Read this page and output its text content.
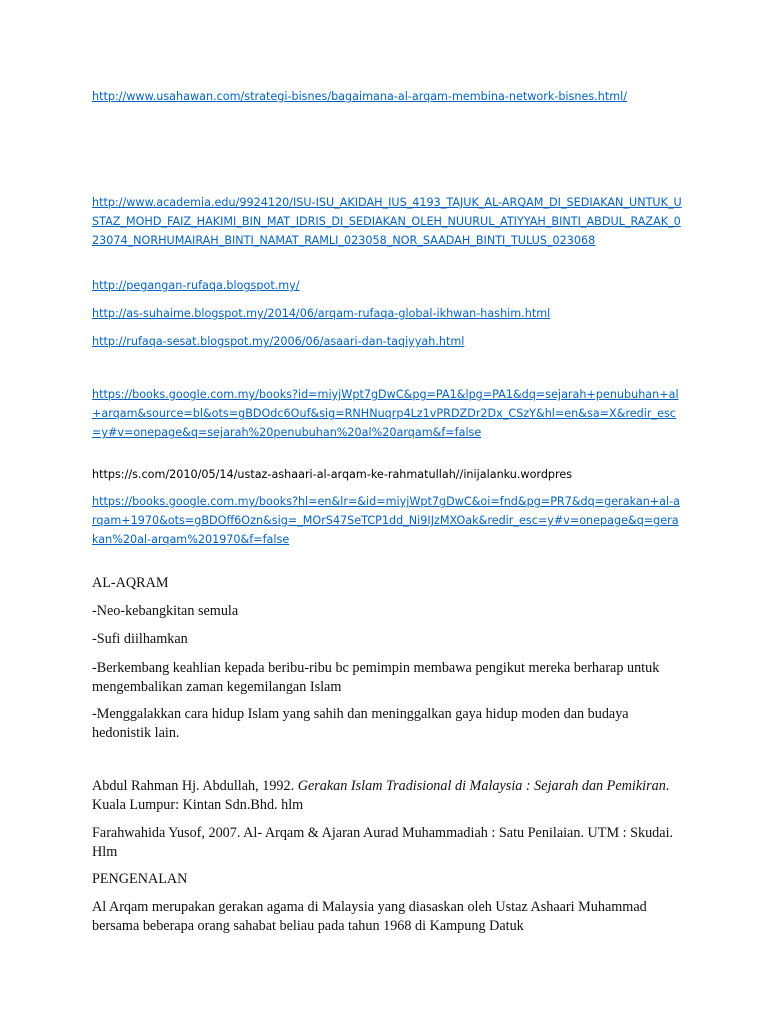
http://www.usahawan.com/strategi-bisnes/bagaimana-al-arqam-membina-network-bisnes.html/
http://www.academia.edu/9924120/ISU-ISU_AKIDAH_IUS_4193_TAJUK_AL-ARQAM_DI_SEDIAKAN_UNTUK_USTAZ_MOHD_FAIZ_HAKIMI_BIN_MAT_IDRIS_DI_SEDIAKAN_OLEH_NUURUL_ATIYYAH_BINTI_ABDUL_RAZAK_023074_NORHUMAIRAH_BINTI_NAMAT_RAMLI_023058_NOR_SAADAH_BINTI_TULUS_023068
http://pegangan-rufaqa.blogspot.my/
http://as-suhaime.blogspot.my/2014/06/arqam-rufaqa-global-ikhwan-hashim.html
http://rufaqa-sesat.blogspot.my/2006/06/asaari-dan-taqiyyah.html
https://books.google.com.my/books?id=miyjWpt7gDwC&pg=PA1&lpg=PA1&dq=sejarah+penubuhan+al+arqam&source=bl&ots=gBDOdc6Ouf&sig=RNHNuqrp4Lz1vPRDZDr2Dx_CSzY&hl=en&sa=X&redir_esc=y#v=onepage&q=sejarah%20penubuhan%20al%20arqam&f=false

https://s.com/2010/05/14/ustaz-ashaari-al-arqam-ke-rahmatullah//inijalanku.wordpres

https://books.google.com.my/books?hl=en&lr=&id=miyjWpt7gDwC&oi=fnd&pg=PR7&dq=gerakan+al-arqam+1970&ots=gBDOff6Ozn&sig=_MOrS47SeTCP1dd_Ni9IJzMXOak&redir_esc=y#v=onepage&q=gerakan%20al-arqam%201970&f=false

AL-AQRAM

-Neo-kebangkitan semula

-Sufi diilhamkan

-Berkembang keahlian kepada beribu-ribu bc pemimpin membawa pengikut mereka berharap untuk mengembalikan zaman kegemilangan Islam

-Menggalakkan cara hidup Islam yang sahih dan meninggalkan gaya hidup moden dan budaya hedonistik lain.

Abdul Rahman Hj. Abdullah, 1992. Gerakan Islam Tradisional di Malaysia : Sejarah dan Pemikiran. Kuala Lumpur: Kintan Sdn.Bhd. hlm

Farahwahida Yusof, 2007. Al- Arqam & Ajaran Aurad Muhammadiah : Satu Penilaian. UTM : Skudai. Hlm

PENGENALAN

Al Arqam merupakan gerakan agama di Malaysia yang diasaskan oleh Ustaz Ashaari Muhammad bersama beberapa orang sahabat beliau pada tahun 1968 di Kampung Datuk
